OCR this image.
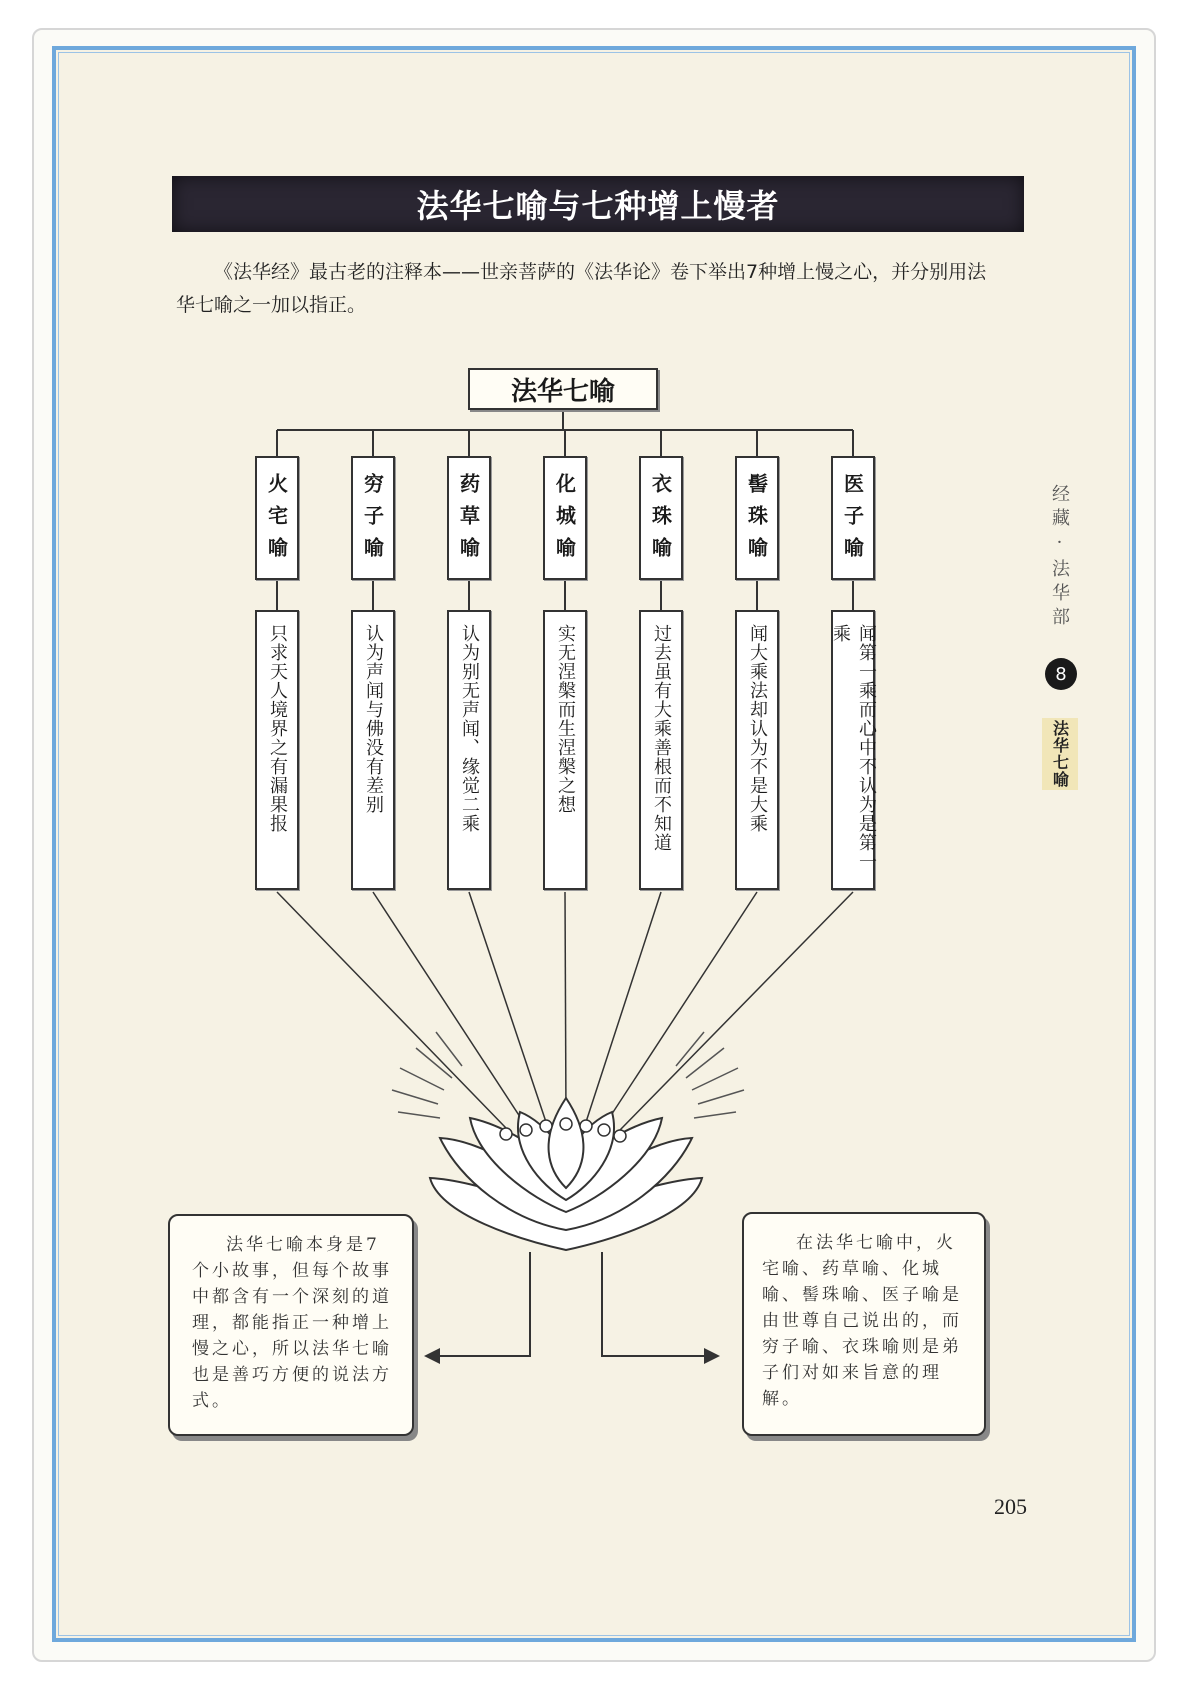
法华七喻与七种增上慢者
《法华经》最古老的注释本——世亲菩萨的《法华论》卷下举出7种增上慢之心，并分别用法华七喻之一加以指正。
法华七喻
火宅喻	穷子喻	药草喻	化城喻	衣珠喻	髻珠喻	医子喻
只求天人境界之有漏果报	认为声闻与佛没有差别	认为别无声闻、缘觉二乘	实无涅槃而生涅槃之想	过去虽有大乘善根而不知道	闻大乘法却认为不是大乘	闻第一乘而心中不认为是第一乘
法华七喻本身是7个小故事，但每个故事中都含有一个深刻的道理，都能指正一种增上慢之心，所以法华七喻也是善巧方便的说法方式。
在法华七喻中，火宅喻、药草喻、化城喻、髻珠喻、医子喻是由世尊自己说出的，而穷子喻、衣珠喻则是弟子们对如来旨意的理解。
经藏·法华部
8
法华七喻
205
